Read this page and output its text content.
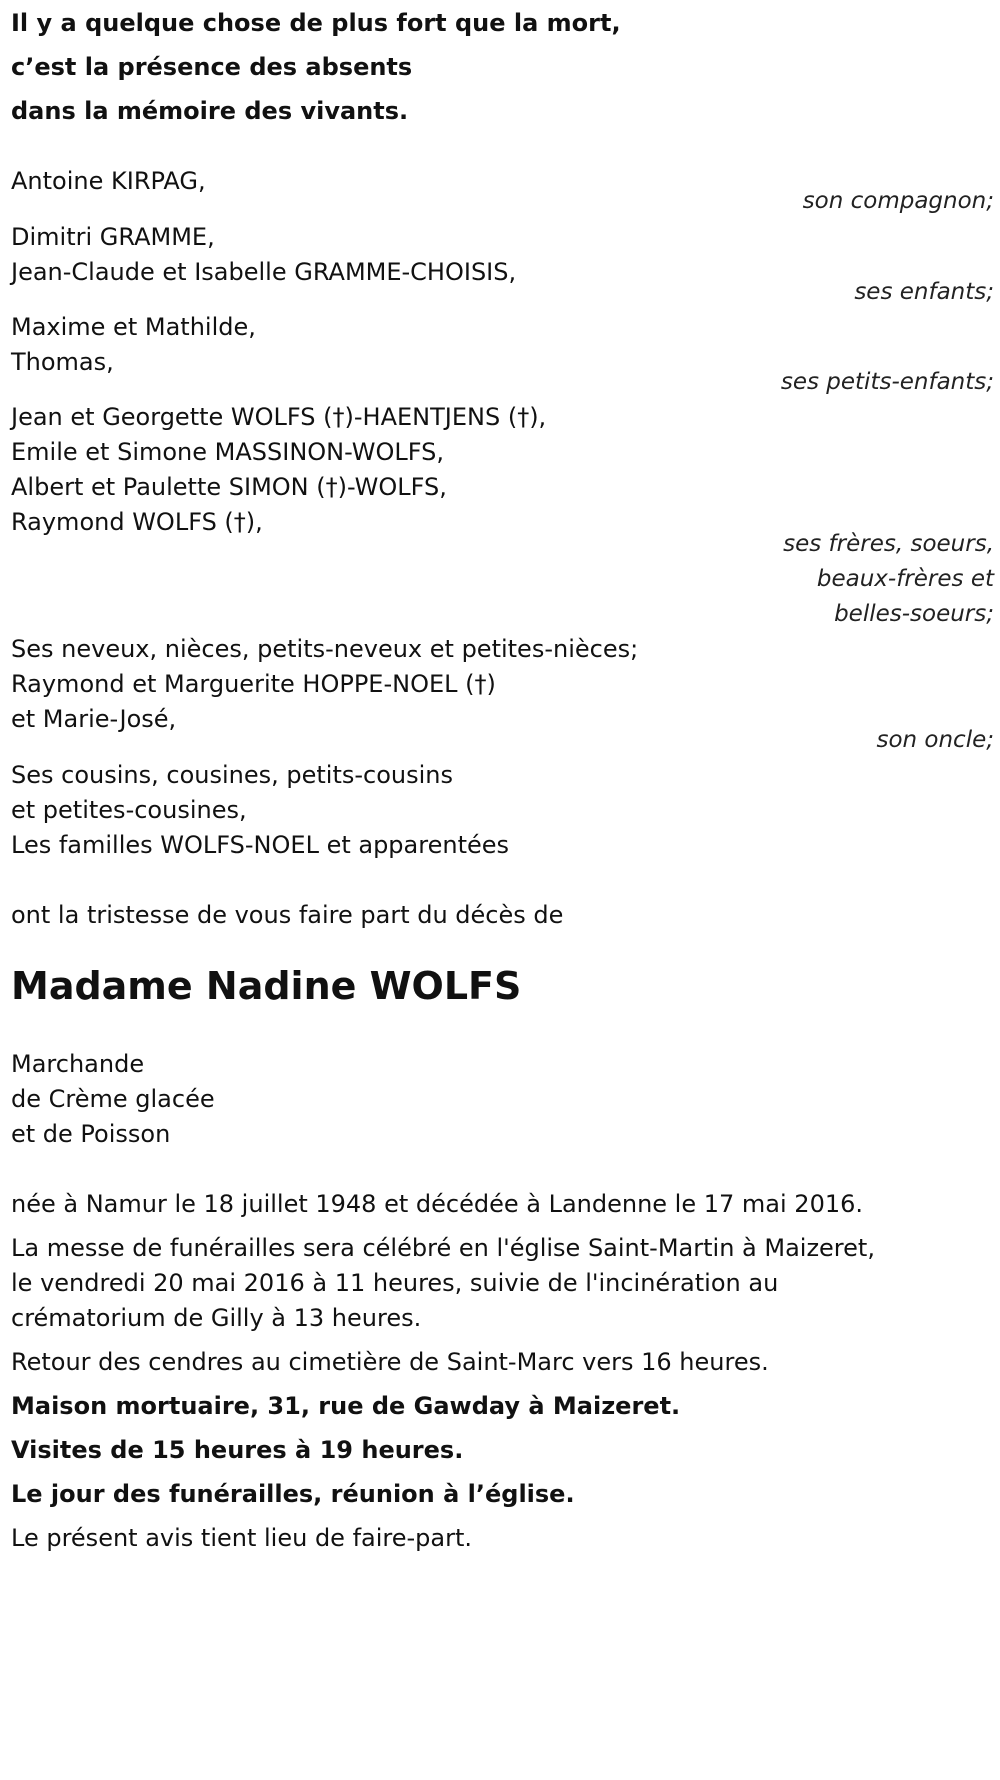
Il y a quelque chose de plus fort que la mort,
c’est la présence des absents
dans la mémoire des vivants.
Antoine KIRPAG,
son compagnon;
Dimitri GRAMME,
Jean-Claude et Isabelle GRAMME-CHOISIS,
ses enfants;
Maxime et Mathilde,
Thomas,
ses petits-enfants;
Jean et Georgette WOLFS (†)-HAENTJENS (†),
Emile et Simone MASSINON-WOLFS,
Albert et Paulette SIMON (†)-WOLFS,
Raymond WOLFS (†),
ses frères, soeurs,
beaux-frères et
belles-soeurs;
Ses neveux, nièces, petits-neveux et petites-nièces;
Raymond et Marguerite HOPPE-NOEL (†)
et Marie-José,
son oncle;
Ses cousins, cousines, petits-cousins
et petites-cousines,
Les familles WOLFS-NOEL et apparentées
ont la tristesse de vous faire part du décès de
Madame Nadine WOLFS
Marchande
de Crème glacée
et de Poisson
née à Namur le 18 juillet 1948 et décédée à Landenne le 17 mai 2016.
La messe de funérailles sera célébré en l'église Saint-Martin à Maizeret,
le vendredi 20 mai 2016 à 11 heures, suivie de l'incinération au
crématorium de Gilly à 13 heures.
Retour des cendres au cimetière de Saint-Marc vers 16 heures.
Maison mortuaire, 31, rue de Gawday à Maizeret.
Visites de 15 heures à 19 heures.
Le jour des funérailles, réunion à l’église.
Le présent avis tient lieu de faire-part.
